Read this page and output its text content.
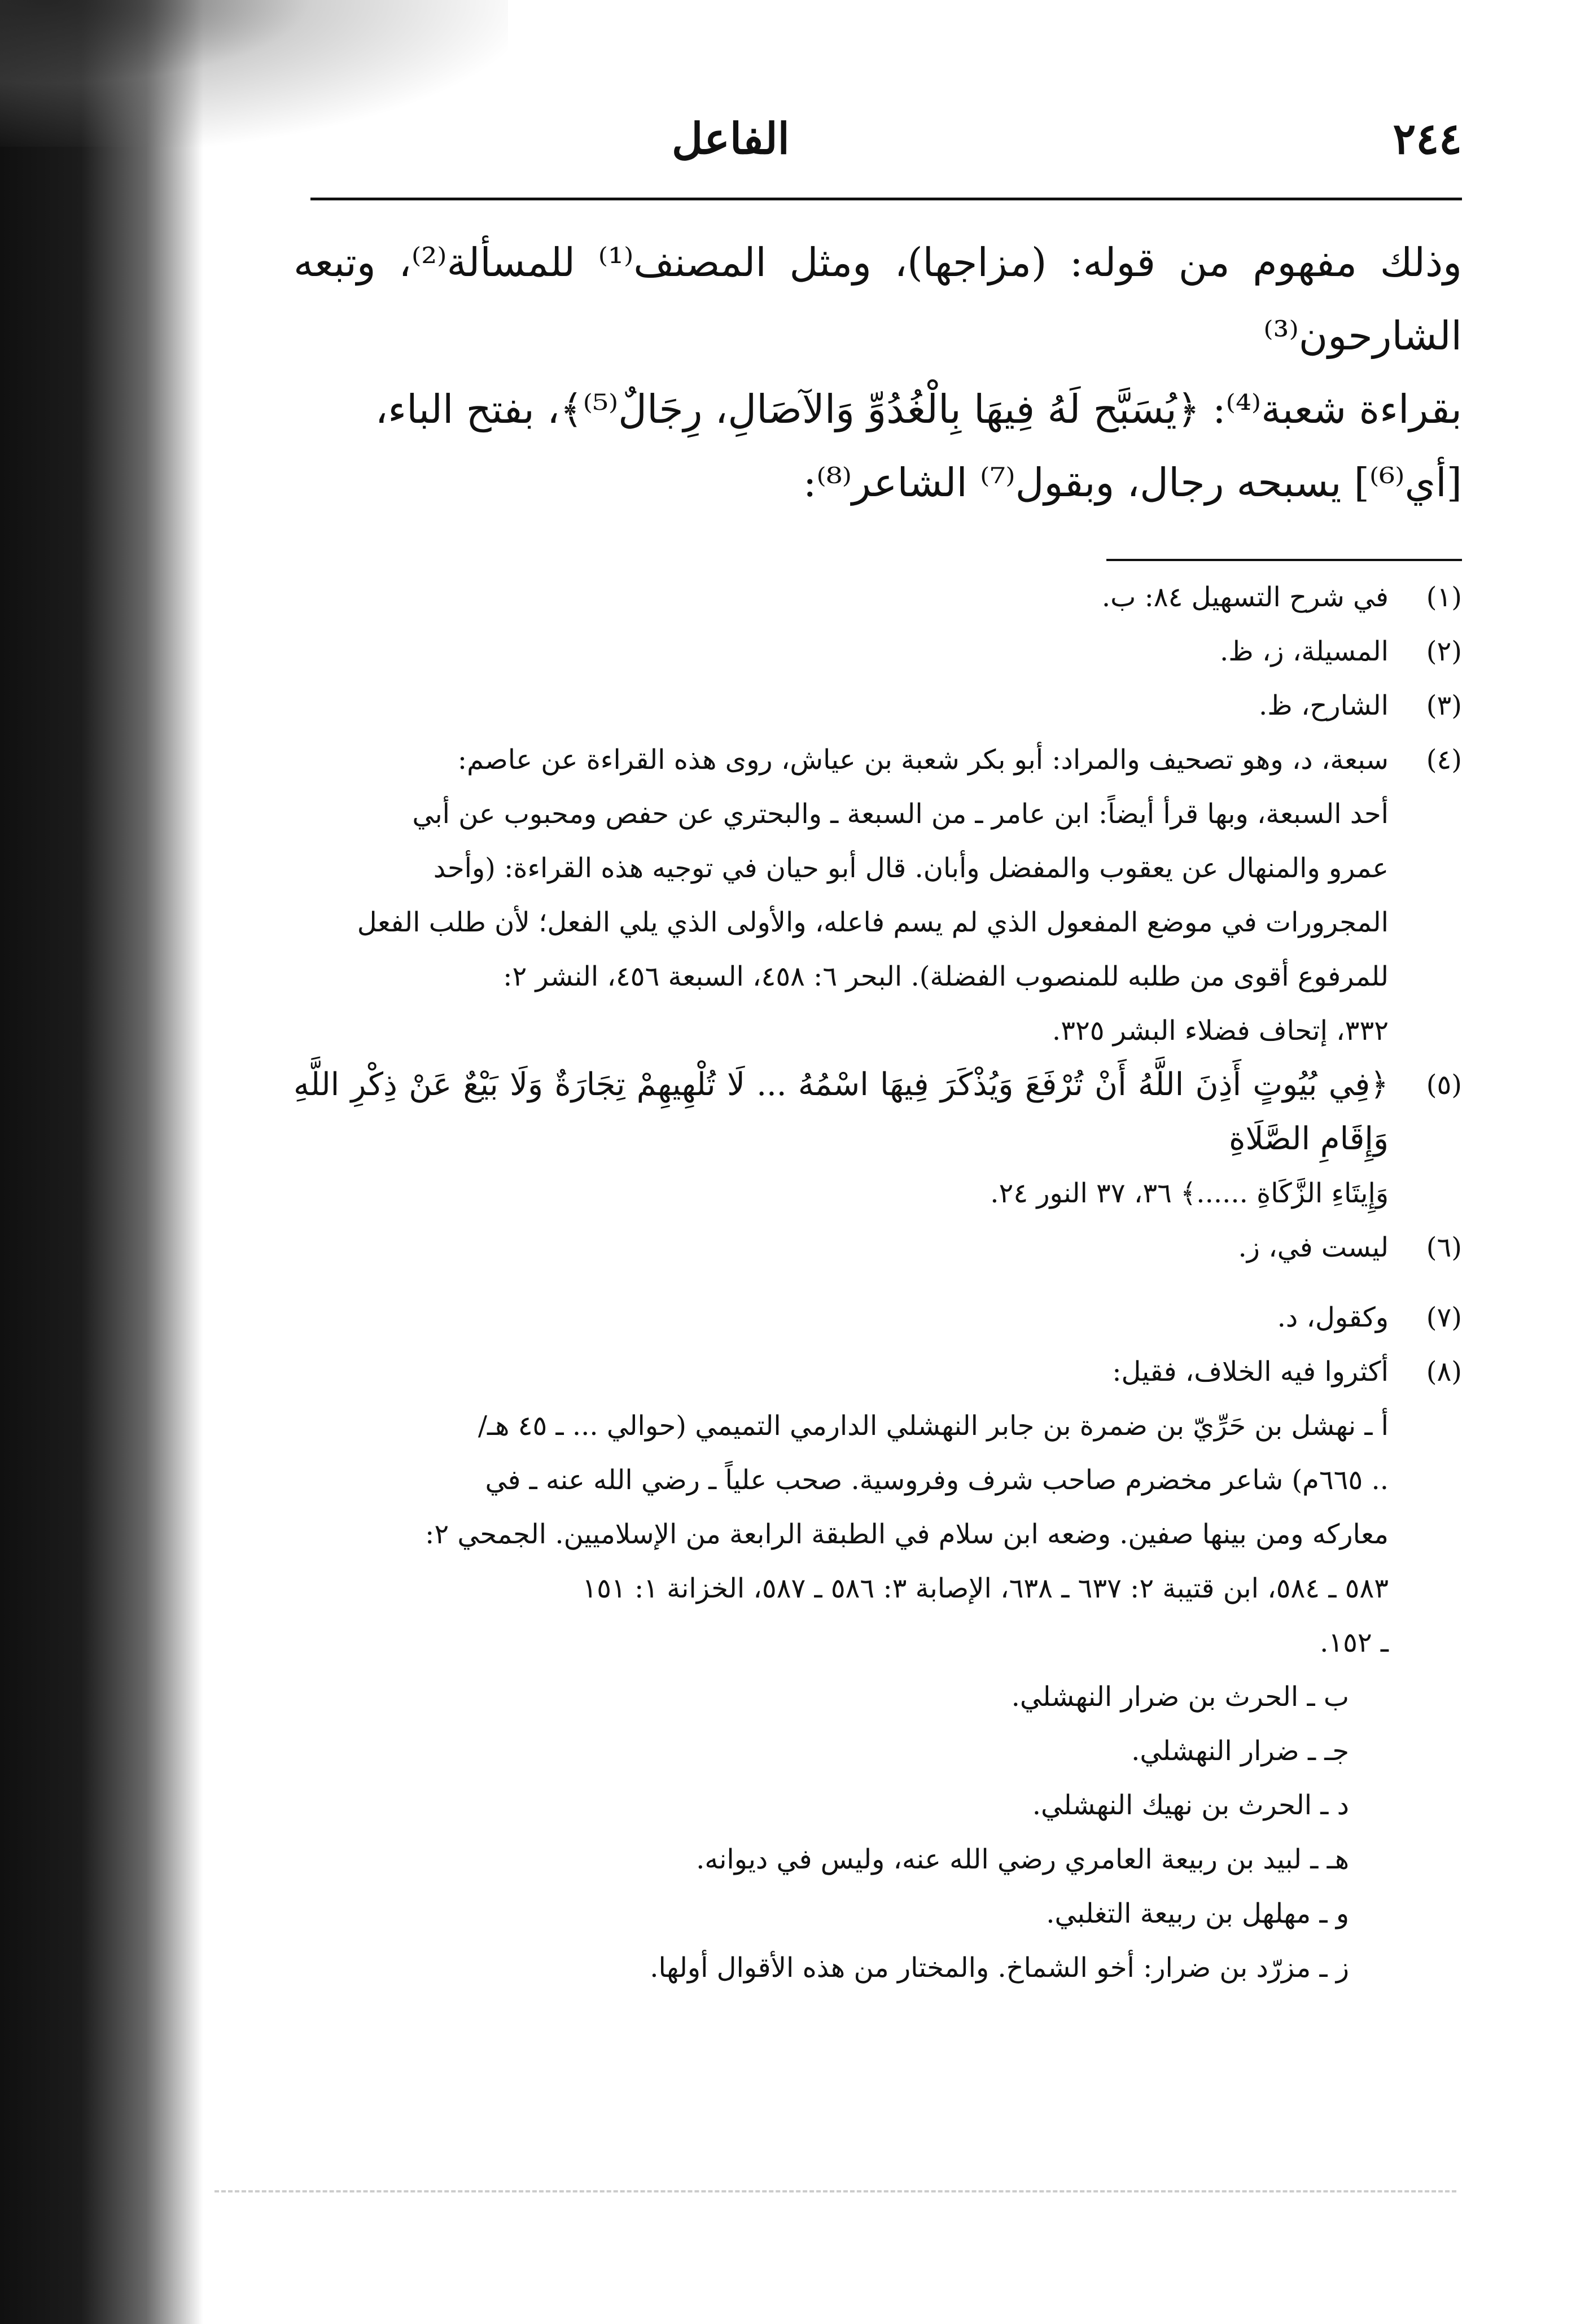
٢٤٤
الفاعل

وذلك مفهوم من قوله: (مزاجها)، ومثل المصنف⁽¹⁾ للمسألة⁽²⁾، وتبعه الشارحون⁽³⁾

بقراءة شعبة⁽⁴⁾: ﴿يُسَبَّح لَهُ فِيهَا بِالْغُدُوِّ وَالآصَالِ، رِجَالٌ⁽⁵⁾﴾، بفتح الباء،

[أي⁽⁶⁾] يسبحه رجال، وبقول⁽⁷⁾ الشاعر⁽⁸⁾:

(١)
في شرح التسهيل ٨٤: ب.
(٢)
المسيلة، ز، ظ.
(٣)
الشارح، ظ.
(٤)
سبعة، د، وهو تصحيف والمراد: أبو بكر شعبة بن عياش، روى هذه القراءة عن عاصم:
أحد السبعة، وبها قرأ أيضاً: ابن عامر ـ من السبعة ـ والبحتري عن حفص ومحبوب عن أبي
عمرو والمنهال عن يعقوب والمفضل وأبان. قال أبو حيان في توجيه هذه القراءة: (وأحد
المجرورات في موضع المفعول الذي لم يسم فاعله، والأولى الذي يلي الفعل؛ لأن طلب الفعل
للمرفوع أقوى من طلبه للمنصوب الفضلة). البحر ٦: ٤٥٨، السبعة ٤٥٦، النشر ٢:
٣٣٢، إتحاف فضلاء البشر ٣٢٥.
(٥)
﴿فِي بُيُوتٍ أَذِنَ اللَّهُ أَنْ تُرْفَعَ وَيُذْكَرَ فِيهَا اسْمُهُ ... لَا تُلْهِيهِمْ تِجَارَةٌ وَلَا بَيْعٌ عَنْ ذِكْرِ اللَّهِ وَإِقَامِ الصَّلَاةِ
وَإِيتَاءِ الزَّكَاةِ ......﴾ ٣٦، ٣٧ النور ٢٤.
(٦)
ليست في، ز.
(٧)
وكقول، د.
(٨)
أكثروا فيه الخلاف، فقيل:
أ ـ نهشل بن حَرِّيّ بن ضمرة بن جابر النهشلي الدارمي التميمي (حوالي ... ـ ٤٥ هـ/
.. ٦٦٥م) شاعر مخضرم صاحب شرف وفروسية. صحب علياً ـ رضي الله عنه ـ في
معاركه ومن بينها صفين. وضعه ابن سلام في الطبقة الرابعة من الإسلاميين. الجمحي ٢:
٥٨٣ ـ ٥٨٤، ابن قتيبة ٢: ٦٣٧ ـ ٦٣٨، الإصابة ٣: ٥٨٦ ـ ٥٨٧، الخزانة ١: ١٥١
ـ ١٥٢.
ب ـ الحرث بن ضرار النهشلي.
جـ ـ ضرار النهشلي.
د ـ الحرث بن نهيك النهشلي.
هـ ـ لبيد بن ربيعة العامري رضي الله عنه، وليس في ديوانه.
و ـ مهلهل بن ربيعة التغلبي.
ز ـ مزرّد بن ضرار: أخو الشماخ. والمختار من هذه الأقوال أولها.
